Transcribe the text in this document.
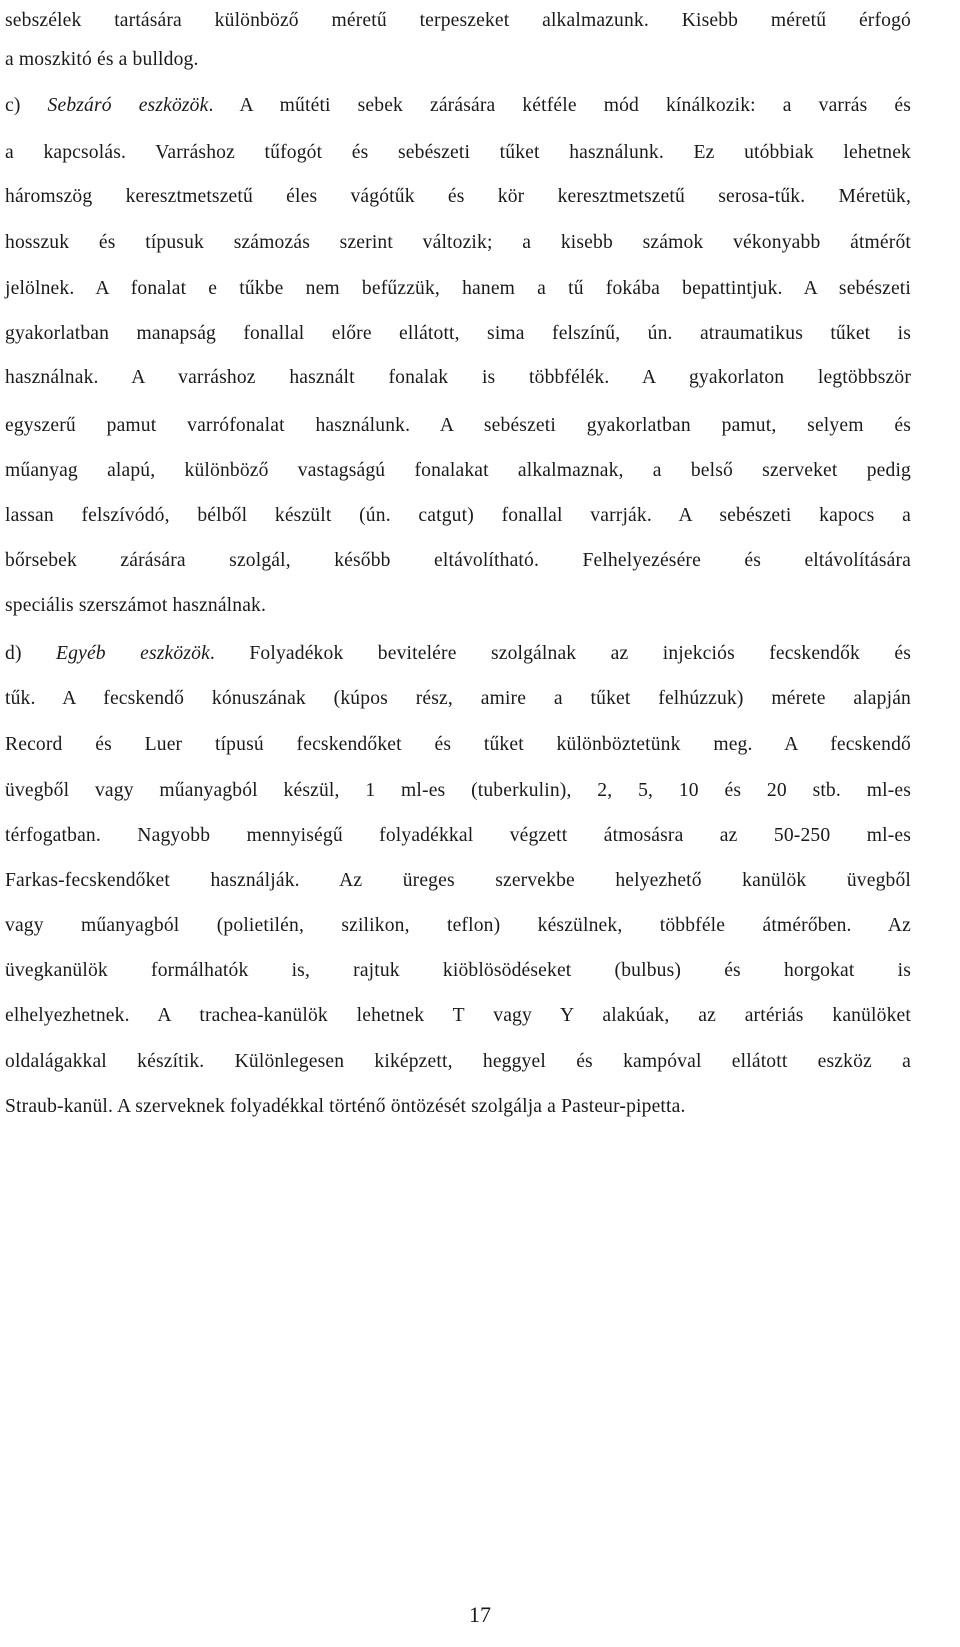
sebszélek tartására különböző méretű terpeszeket alkalmazunk. Kisebb méretű érfogó
a moszkitó és a bulldog.
c) Sebzáró eszközök. A műtéti sebek zárására kétféle mód kínálkozik: a varrás és
a kapcsolás. Varráshoz tűfogót és sebészeti tűket használunk. Ez utóbbiak lehetnek
háromszög keresztmetszetű éles vágótűk és kör keresztmetszetű serosa-tűk. Méretük,
hosszuk és típusuk számozás szerint változik; a kisebb számok vékonyabb átmérőt
jelölnek. A fonalat e tűkbe nem befűzzük, hanem a tű fokába bepattintjuk. A sebészeti
gyakorlatban manapság fonallal előre ellátott, sima felszínű, ún. atraumatikus tűket is
használnak. A varráshoz használt fonalak is többfélék. A gyakorlaton legtöbbször
egyszerű pamut varrófonalat használunk. A sebészeti gyakorlatban pamut, selyem és
műanyag alapú, különböző vastagságú fonalakat alkalmaznak, a belső szerveket pedig
lassan felszívódó, bélből készült (ún. catgut) fonallal varrják. A sebészeti kapocs a
bőrsebek zárására szolgál, később eltávolítható. Felhelyezésére és eltávolítására
speciális szerszámot használnak.
d) Egyéb eszközök. Folyadékok bevitelére szolgálnak az injekciós fecskendők és
tűk. A fecskendő kónuszának (kúpos rész, amire a tűket felhúzzuk) mérete alapján
Record és Luer típusú fecskendőket és tűket különböztetünk meg. A fecskendő
üvegből vagy műanyagból készül, 1 ml-es (tuberkulin), 2, 5, 10 és 20 stb. ml-es
térfogatban. Nagyobb mennyiségű folyadékkal végzett átmosásra az 50-250 ml-es
Farkas-fecskendőket használják. Az üreges szervekbe helyezhető kanülök üvegből
vagy műanyagból (polietilén, szilikon, teflon) készülnek, többféle átmérőben. Az
üvegkanülök formálhatók is, rajtuk kiöblösödéseket (bulbus) és horgokat is
elhelyezhetnek. A trachea-kanülök lehetnek T vagy Y alakúak, az artériás kanülöket
oldalágakkal készítik. Különlegesen kiképzett, heggyel és kampóval ellátott eszköz a
Straub-kanül. A szerveknek folyadékkal történő öntözését szolgálja a Pasteur-pipetta.
17
